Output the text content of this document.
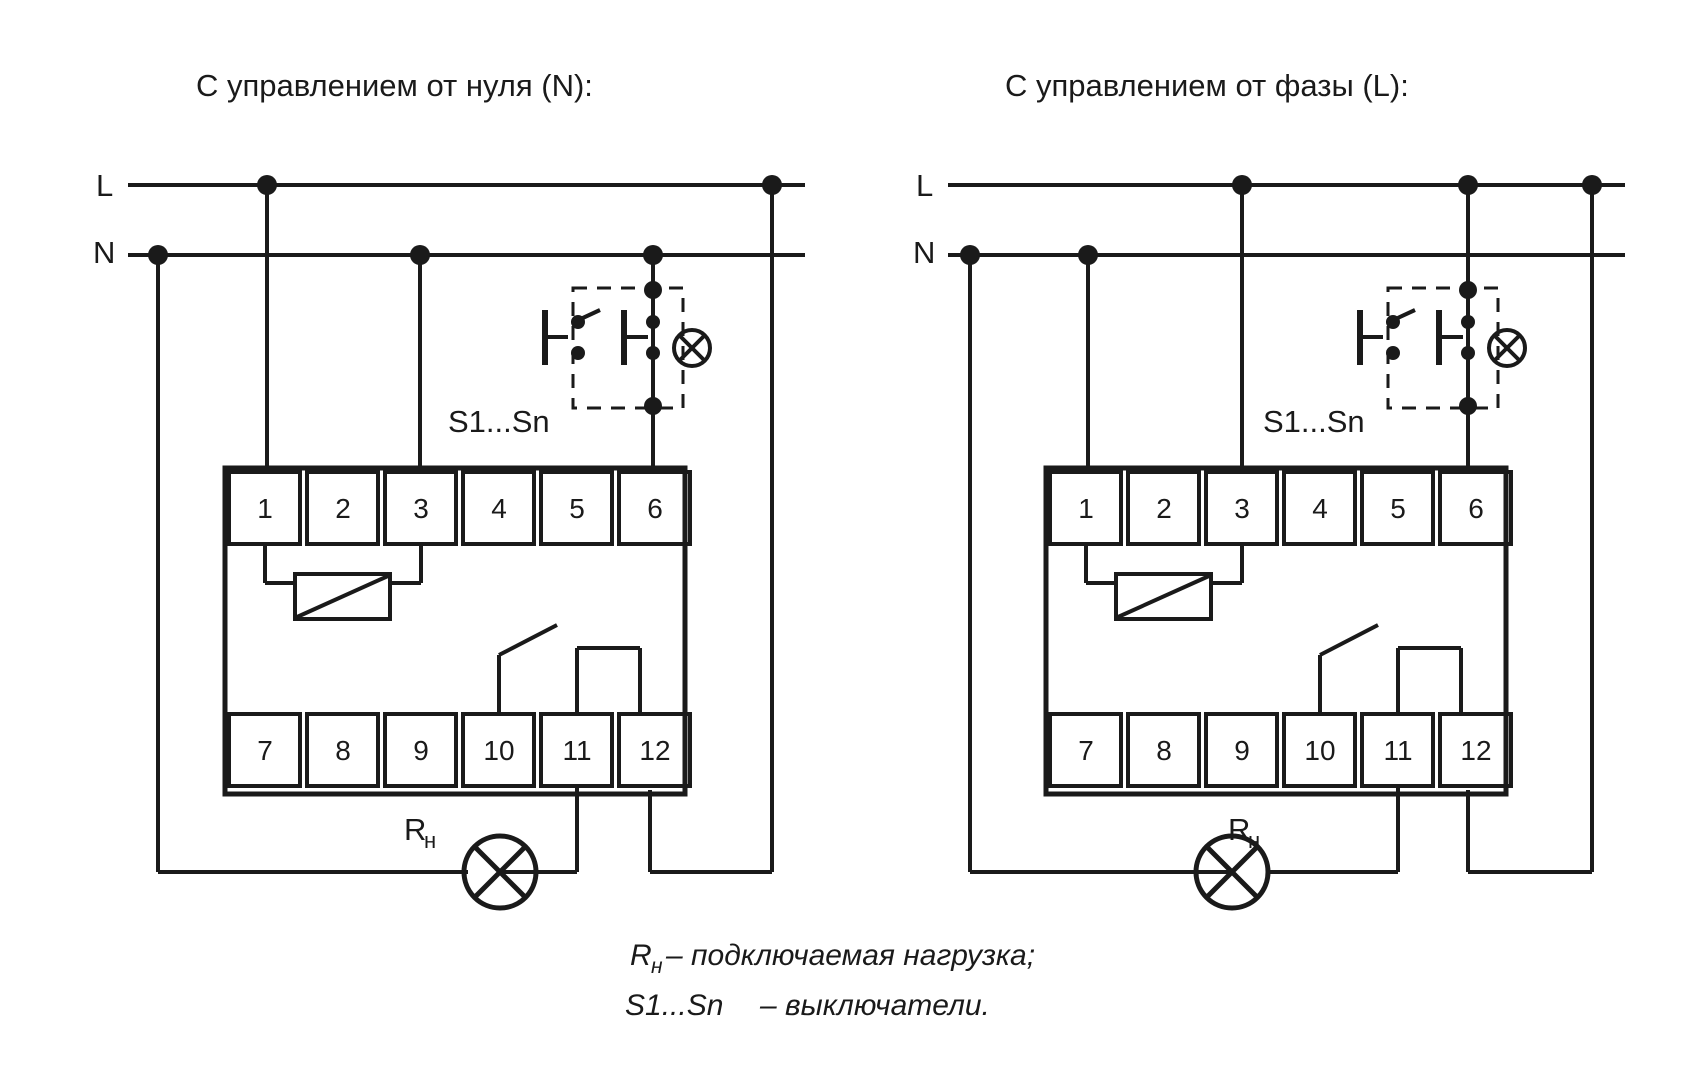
С управлением от нуля (N):
L
N
S1...Sn
1 2 3 4 5 6
7 8 9 10 11 12
R
н
С управлением от фазы (L):
L
N
S1...Sn
1 2 3 4 5 6
7 8 9 10 11 12
R
н
R н – подключаемая нагрузка;
S1...Sn – выключатели.
